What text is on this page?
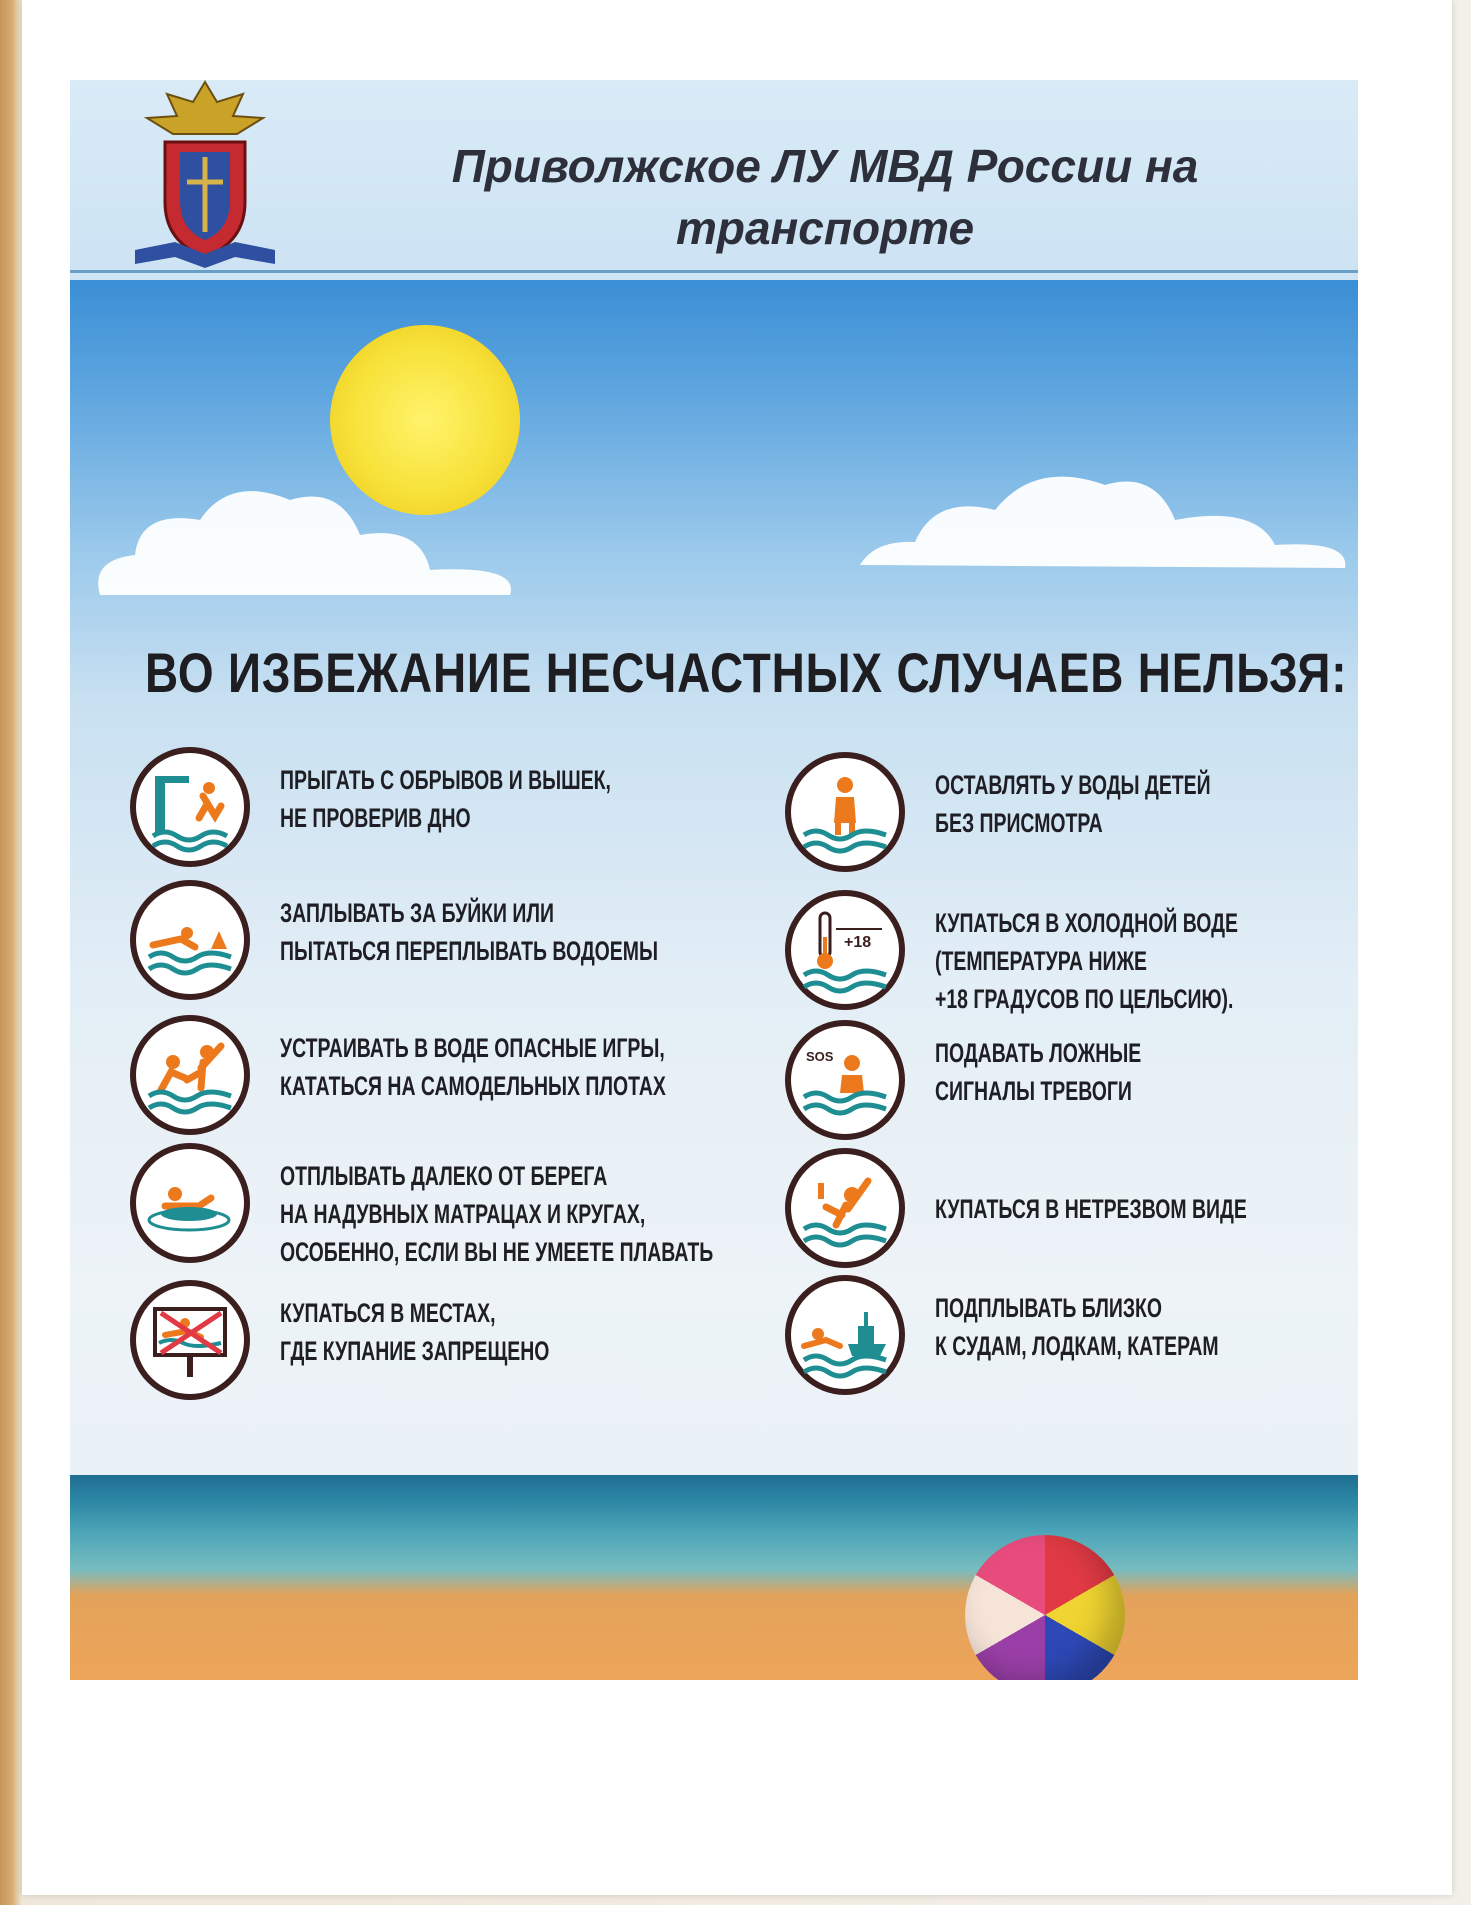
Приволжское ЛУ МВД России на транспорте
ВО ИЗБЕЖАНИЕ НЕСЧАСТНЫХ СЛУЧАЕВ НЕЛЬЗЯ:
ПРЫГАТЬ С ОБРЫВОВ И ВЫШЕК,
НЕ ПРОВЕРИВ ДНО
ЗАПЛЫВАТЬ ЗА БУЙКИ ИЛИ
ПЫТАТЬСЯ ПЕРЕПЛЫВАТЬ ВОДОЕМЫ
УСТРАИВАТЬ В ВОДЕ ОПАСНЫЕ ИГРЫ,
КАТАТЬСЯ НА САМОДЕЛЬНЫХ ПЛОТАХ
ОТПЛЫВАТЬ ДАЛЕКО ОТ БЕРЕГА
НА НАДУВНЫХ МАТРАЦАХ И КРУГАХ,
ОСОБЕННО, ЕСЛИ ВЫ НЕ УМЕЕТЕ ПЛАВАТЬ
КУПАТЬСЯ В МЕСТАХ,
ГДЕ КУПАНИЕ ЗАПРЕЩЕНО
ОСТАВЛЯТЬ У ВОДЫ ДЕТЕЙ
БЕЗ ПРИСМОТРА
+18
КУПАТЬСЯ В ХОЛОДНОЙ ВОДЕ
(ТЕМПЕРАТУРА НИЖЕ
+18 ГРАДУСОВ ПО ЦЕЛЬСИЮ).
SOS	ПОДАВАТЬ ЛОЖНЫЕ
СИГНАЛЫ ТРЕВОГИ
КУПАТЬСЯ В НЕТРЕЗВОМ ВИДЕ
ПОДПЛЫВАТЬ БЛИЗКО
К СУДАМ, ЛОДКАМ, КАТЕРАМ
